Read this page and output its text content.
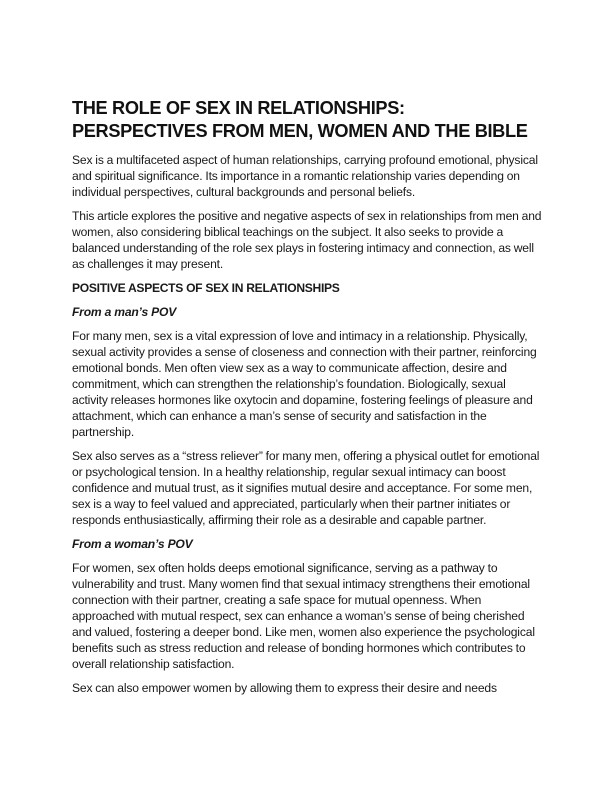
THE ROLE OF SEX IN RELATIONSHIPS: PERSPECTIVES FROM MEN, WOMEN AND THE BIBLE

Sex is a multifaceted aspect of human relationships, carrying profound emotional, physical and spiritual significance. Its importance in a romantic relationship varies depending on individual perspectives, cultural backgrounds and personal beliefs.

This article explores the positive and negative aspects of sex in relationships from men and women, also considering biblical teachings on the subject. It also seeks to provide a balanced understanding of the role sex plays in fostering intimacy and connection, as well as challenges it may present.

POSITIVE ASPECTS OF SEX IN RELATIONSHIPS

From a man’s POV

For many men, sex is a vital expression of love and intimacy in a relationship. Physically, sexual activity provides a sense of closeness and connection with their partner, reinforcing emotional bonds. Men often view sex as a way to communicate affection, desire and commitment, which can strengthen the relationship’s foundation. Biologically, sexual activity releases hormones like oxytocin and dopamine, fostering feelings of pleasure and attachment, which can enhance a man’s sense of security and satisfaction in the partnership.

Sex also serves as a “stress reliever” for many men, offering a physical outlet for emotional or psychological tension. In a healthy relationship, regular sexual intimacy can boost confidence and mutual trust, as it signifies mutual desire and acceptance. For some men, sex is a way to feel valued and appreciated, particularly when their partner initiates or responds enthusiastically, affirming their role as a desirable and capable partner.

From a woman’s POV

For women, sex often holds deeps emotional significance, serving as a pathway to vulnerability and trust. Many women find that sexual intimacy strengthens their emotional connection with their partner, creating a safe space for mutual openness. When approached with mutual respect, sex can enhance a woman’s sense of being cherished and valued, fostering a deeper bond. Like men, women also experience the psychological benefits such as stress reduction and release of bonding hormones which contributes to overall relationship satisfaction.

Sex can also empower women by allowing them to express their desire and needs
